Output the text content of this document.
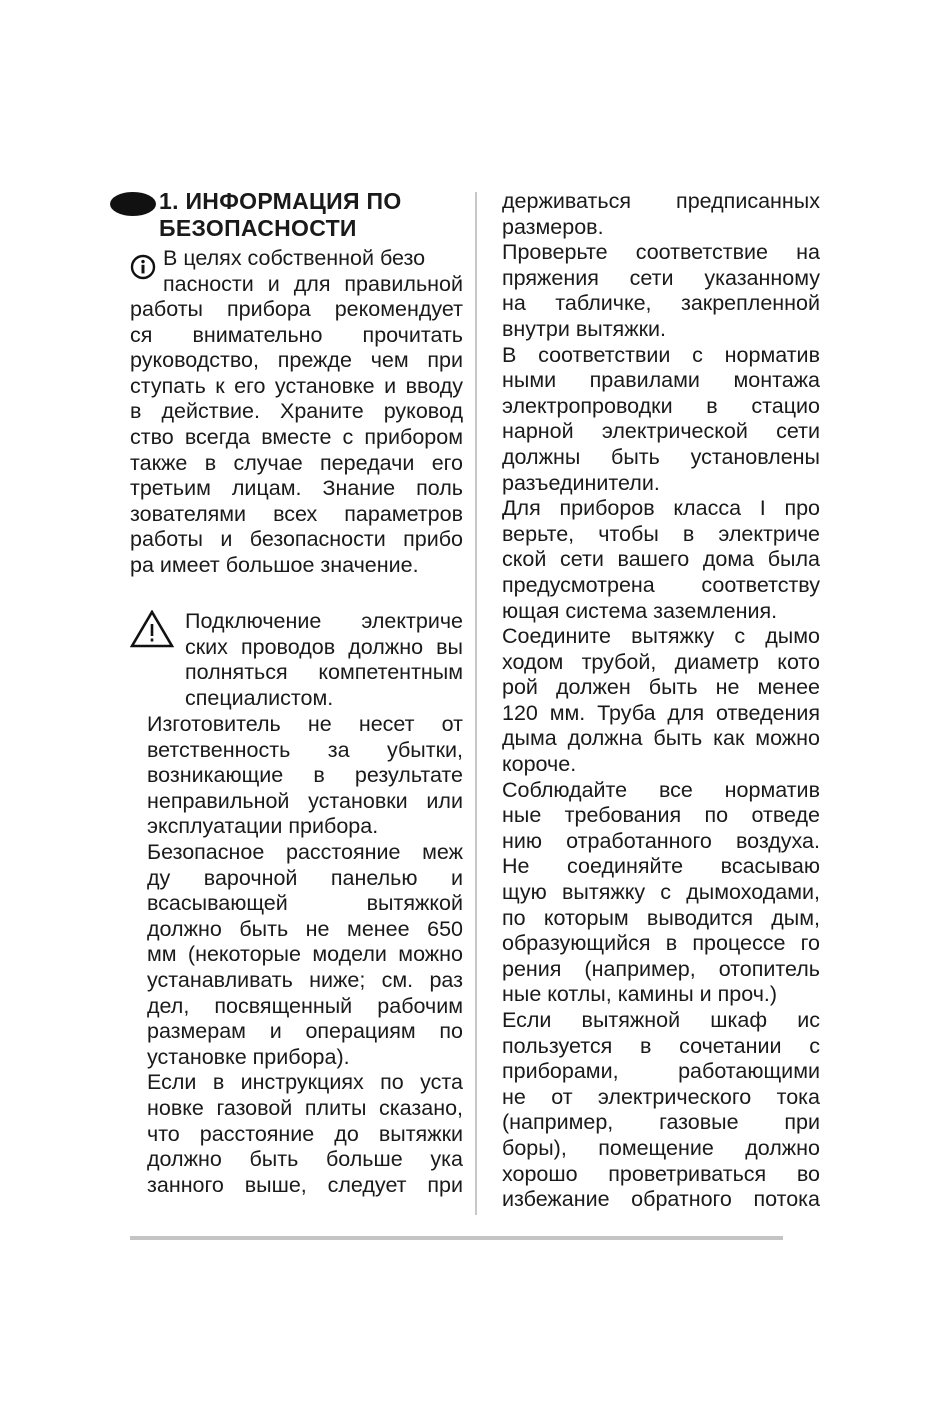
1. ИНФОРМАЦИЯ ПО
БЕЗОПАСНОСТИ
В целях собственной безо
пасности и для правильной
работы прибора рекомендует
ся внимательно прочитать
руководство, прежде чем при
ступать к его установке и вводу
в действие. Храните руковод
ство всегда вместе с прибором
также в случае передачи его
третьим лицам. Знание поль
зователями всех параметров
работы и безопасности прибо
ра имеет большое значение.
Подключение электриче
ских проводов должно вы
полняться компетентным
специалистом.
Изготовитель не несет от
ветственность за убытки,
возникающие в результате
неправильной установки или
эксплуатации прибора.
Безопасное расстояние меж
ду варочной панелью и
всасывающей вытяжкой
должно быть не менее 650
мм (некоторые модели можно
устанавливать ниже; см. раз
дел, посвященный рабочим
размерам и операциям по
установке прибора).
Если в инструкциях по уста
новке газовой плиты сказано,
что расстояние до вытяжки
должно быть больше ука
занного выше, следует при
держиваться предписанных
размеров.
Проверьте соответствие на
пряжения сети указанному
на табличке, закрепленной
внутри вытяжки.
В соответствии с норматив
ными правилами монтажа
электропроводки в стацио
нарной электрической сети
должны быть установлены
разъединители.
Для приборов класса I про
верьте, чтобы в электриче
ской сети вашего дома была
предусмотрена соответству
ющая система заземления.
Соедините вытяжку с дымо
ходом трубой, диаметр кото
рой должен быть не менее
120 мм. Труба для отведения
дыма должна быть как можно
короче.
Соблюдайте все норматив
ные требования по отведе
нию отработанного воздуха.
Не соединяйте всасываю
щую вытяжку с дымоходами,
по которым выводится дым,
образующийся в процессе го
рения (например, отопитель
ные котлы, камины и проч.)
Если вытяжной шкаф ис
пользуется в сочетании с
приборами, работающими
не от электрического тока
(например, газовые при
боры), помещение должно
хорошо проветриваться во
избежание обратного потока
